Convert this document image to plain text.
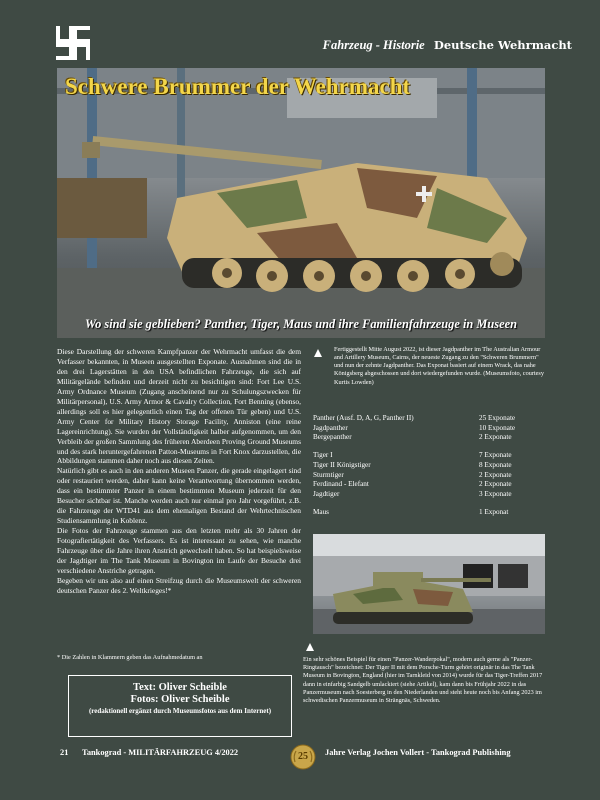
Fahrzeug - Historie Deutsche Wehrmacht
Schwere Brummer der Wehrmacht
Wo sind sie geblieben? Panther, Tiger, Maus und ihre Familienfahrzeuge in Museen

Diese Darstellung der schweren Kampfpanzer der Wehrmacht umfasst die dem Verfasser bekannten, in Museen ausgestellten Exponate. Ausnahmen sind die in den drei Lagerstätten in den USA befindlichen Fahrzeuge, die sich auf Militärgelände befinden und derzeit nicht zu besichtigen sind: Fort Lee U.S. Army Ordnance Museum (Zugang anscheinend nur zu Schulungszwecken für Militärpersonal), U.S. Army Armor & Cavalry Collection, Fort Benning (ebenso, allerdings soll es hier gelegentlich einen Tag der offenen Tür geben) und U.S. Army Center for Military History Storage Facility, Anniston (eine reine Lagereinrichtung). Sie wurden der Vollständigkeit halber aufgenommen, um den Verbleib der großen Sammlung des früheren Aberdeen Proving Ground Museums und des stark heruntergefahrenen Patton-Museums in Fort Knox darzustellen, die Abbildungen stammen daher noch aus diesen Zeiten.

Natürlich gibt es auch in den anderen Museen Panzer, die gerade eingelagert sind oder restauriert werden, daher kann keine Verantwortung übernommen werden, dass ein bestimmter Panzer in einem bestimmten Museum jederzeit für den Besucher sichtbar ist. Manche werden auch nur einmal pro Jahr vorgeführt, z.B. die Fahrzeuge der WTD41 aus dem ehemaligen Bestand der Wehrtechnischen Studiensammlung in Koblenz.

Die Fotos der Fahrzeuge stammen aus den letzten mehr als 30 Jahren der Fotografiertätigkeit des Verfassers. Es ist interessant zu sehen, wie manche Fahrzeuge über die Jahre ihren Anstrich gewechselt haben. So hat beispielsweise der Jagdtiger im The Tank Museum in Bovington im Laufe der Besuche drei verschiedene Anstriche getragen.

Begeben wir uns also auf einen Streifzug durch die Museumswelt der schweren deutschen Panzer des 2. Weltkrieges!*

* Die Zahlen in Klammern geben das Aufnahmedatum an
Text: Oliver Scheible
Fotos: Oliver Scheible
(redaktionell ergänzt durch Museumsfotos aus dem Internet)
Fertiggestellt Mitte August 2022, ist dieser Jagdpanther im The Australian Armour and Artillery Museum, Cairns, der neueste Zugang zu den "Schweren Brummern" und nun der zehnte Jagdpanther. Das Exponat basiert auf einem Wrack, das nahe Königsberg abgeschossen und dort wiedergefunden wurde. (Museumsfoto, courtesy Kurtis Lowden)
Panther (Ausf. D, A, G, Panther II)	25 Exponate
Jagdpanther	10 Exponate
Bergepanther	2 Exponate
Tiger I	7 Exponate
Tiger II Königstiger	8 Exponate
Sturmtiger	2 Exponate
Ferdinand - Elefant	2 Exponate
Jagdtiger	3 Exponate
Maus	1 Exponat
Ein sehr schönes Beispiel für einen "Panzer-Wanderpokal", modern auch gerne als "Panzer-Ringtausch" bezeichnet: Der Tiger II mit dem Porsche-Turm gehört originär in das The Tank Museum in Bovington, England (hier im Tarnkleid von 2014) wurde für das Tiger-Treffen 2017 dann in einfarbig Sandgelb umlackiert (siehe Artikel), kam dann bis Frühjahr 2022 in das Panzermuseum nach Soesterberg in den Niederlanden und steht heute noch bis Anfang 2023 im schwedischen Panzermuseum in Strängnäs, Schweden.
21 Tankograd - MILITÄRFAHRZEUG 4/2022	Jahre Verlag Jochen Vollert - Tankograd Publishing
25
